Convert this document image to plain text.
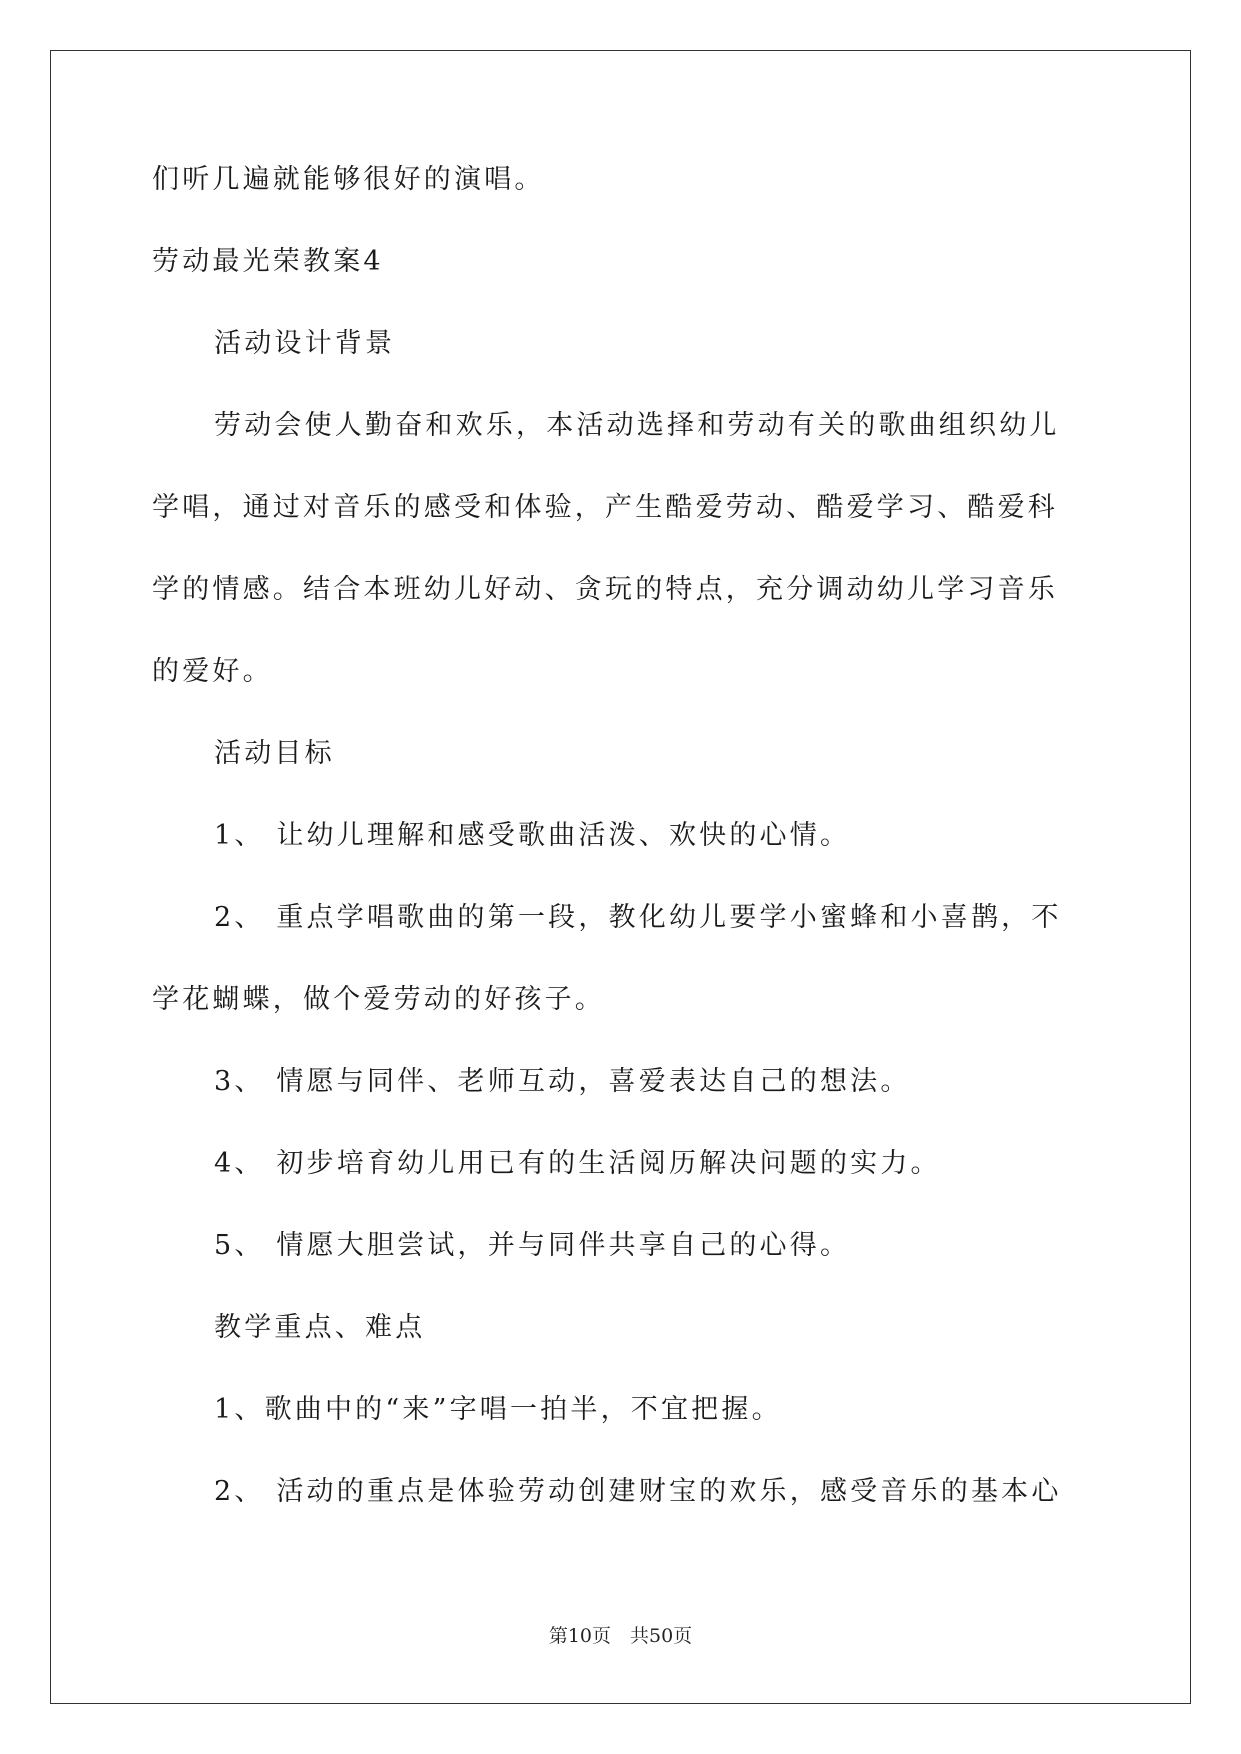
们听几遍就能够很好的演唱。
劳动最光荣教案4
活动设计背景
劳动会使人勤奋和欢乐，本活动选择和劳动有关的歌曲组织幼儿
学唱，通过对音乐的感受和体验，产生酷爱劳动、酷爱学习、酷爱科
学的情感。结合本班幼儿好动、贪玩的特点，充分调动幼儿学习音乐
的爱好。
活动目标
1、 让幼儿理解和感受歌曲活泼、欢快的心情。
2、 重点学唱歌曲的第一段，教化幼儿要学小蜜蜂和小喜鹊，不
学花蝴蝶，做个爱劳动的好孩子。
3、 情愿与同伴、老师互动，喜爱表达自己的想法。
4、 初步培育幼儿用已有的生活阅历解决问题的实力。
5、 情愿大胆尝试，并与同伴共享自己的心得。
教学重点、难点
1、歌曲中的“来”字唱一拍半，不宜把握。
2、 活动的重点是体验劳动创建财宝的欢乐，感受音乐的基本心
第10页　共50页
